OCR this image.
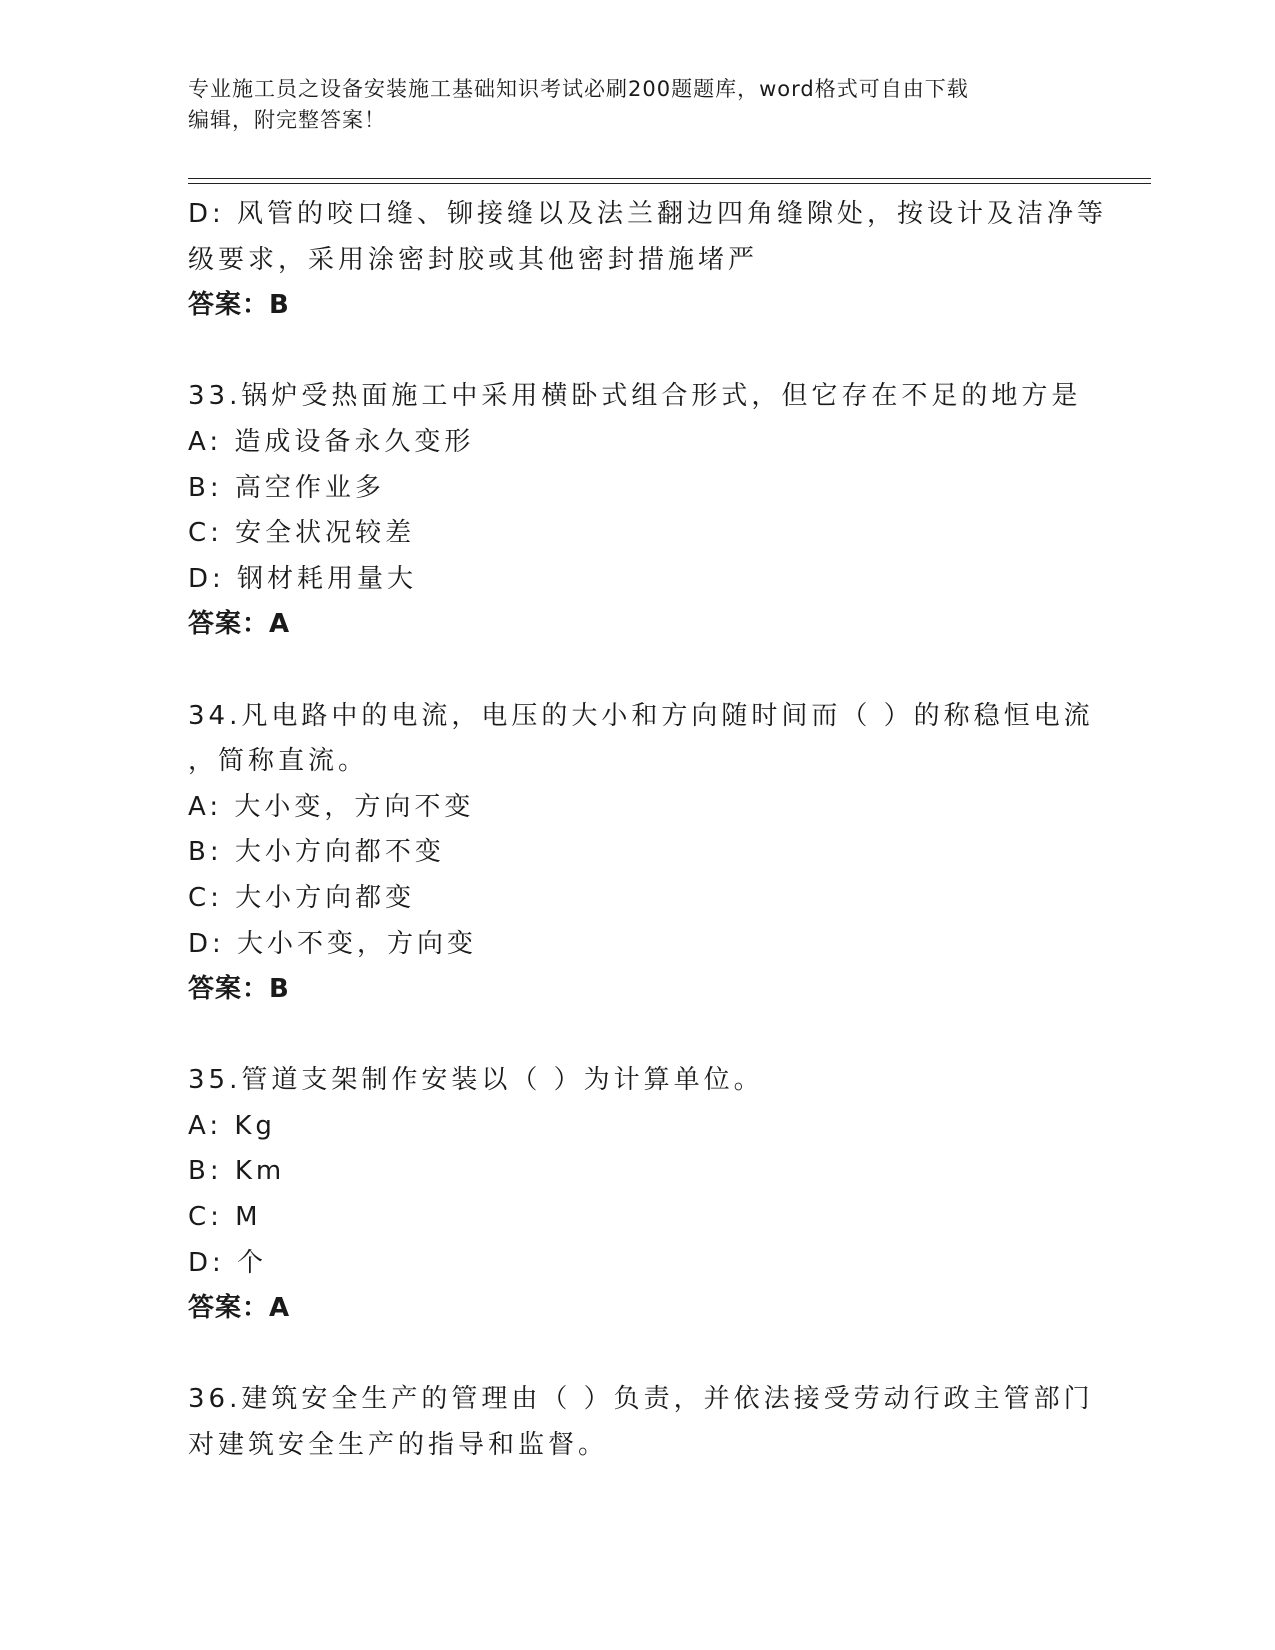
专业施工员之设备安装施工基础知识考试必刷200题题库，word格式可自由下载
编辑，附完整答案！
D: 风管的咬口缝、铆接缝以及法兰翻边四角缝隙处，按设计及洁净等
级要求，采用涂密封胶或其他密封措施堵严
答案：B
33.锅炉受热面施工中采用横卧式组合形式，但它存在不足的地方是
A: 造成设备永久变形
B: 高空作业多
C: 安全状况较差
D: 钢材耗用量大
答案：A
34.凡电路中的电流，电压的大小和方向随时间而（ ）的称稳恒电流
，简称直流。
A: 大小变，方向不变
B: 大小方向都不变
C: 大小方向都变
D: 大小不变，方向变
答案：B
35.管道支架制作安装以（ ）为计算单位。
A: Kg
B: Km
C: M
D: 个
答案：A
36.建筑安全生产的管理由（ ）负责，并依法接受劳动行政主管部门
对建筑安全生产的指导和监督。
